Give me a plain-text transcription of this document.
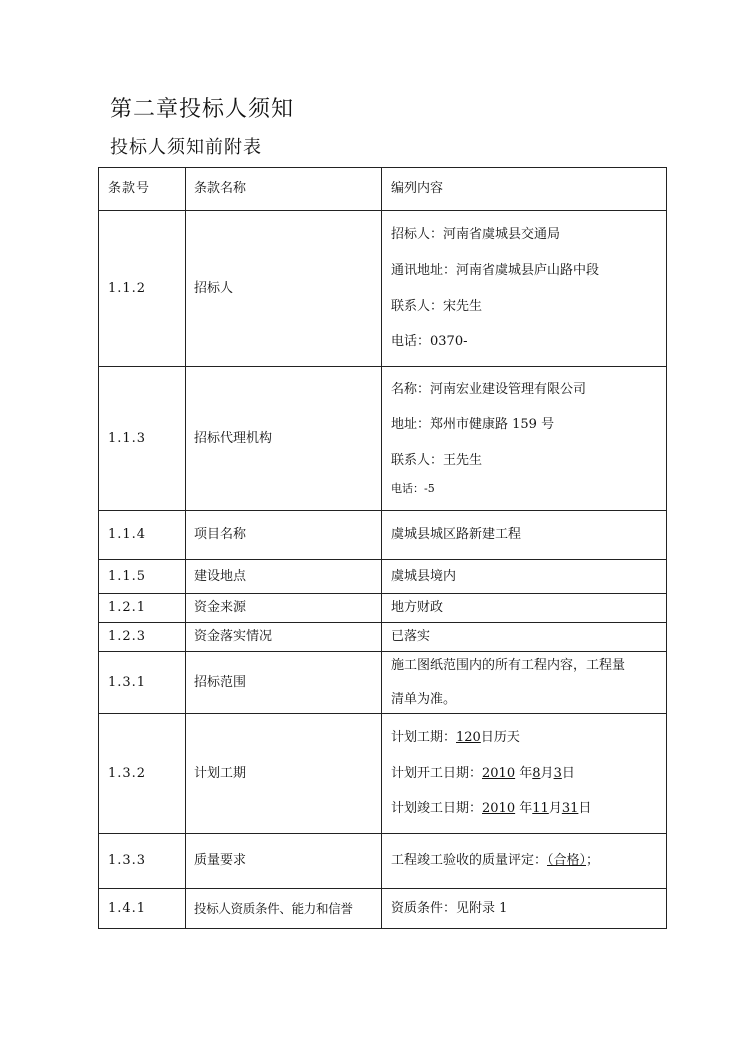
第二章投标人须知
投标人须知前附表
条款号	条款名称	编列内容
1.1.2	招标人	招标人：河南省虞城县交通局
通讯地址：河南省虞城县庐山路中段
联系人：宋先生
电话：0370-

1.1.3	招标代理机构	名称：河南宏业建设管理有限公司
地址：郑州市健康路 159 号
联系人：王先生
电话：-5

1.1.4	项目名称	虞城县城区路新建工程
1.1.5	建设地点	虞城县境内
1.2.1	资金来源	地方财政
1.2.3	资金落实情况	已落实
1.3.1	招标范围	施工图纸范围内的所有工程内容，工程量
清单为准。

1.3.2	计划工期	计划工期：120日历天
计划开工日期：2010 年8月3日
计划竣工日期：2010 年11月31日

1.3.3	质量要求	工程竣工验收的质量评定：（合格）；
1.4.1	投标人资质条件、能力和信誉	资质条件：见附录 1
